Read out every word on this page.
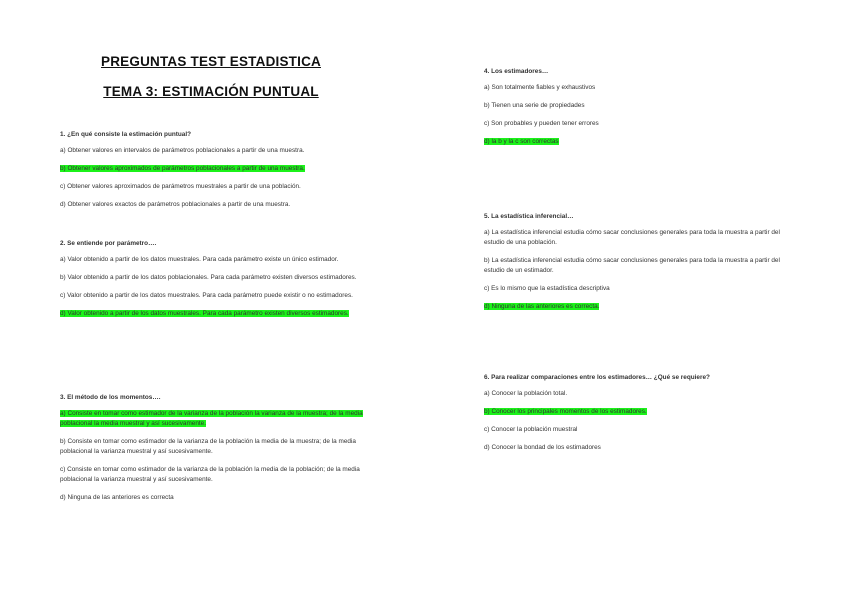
PREGUNTAS TEST ESTADISTICA
TEMA 3: ESTIMACIÓN PUNTUAL

1. ¿En qué consiste la estimación puntual?

a) Obtener valores en intervalos de parámetros poblacionales a partir de una muestra.
b) Obtener valores aproximados de parámetros poblacionales a partir de una muestra.
c) Obtener valores aproximados de parámetros muestrales a partir de una población.
d) Obtener valores exactos de parámetros poblacionales a partir de una muestra.

2. Se entiende por parámetro….

a) Valor obtenido a partir de los datos muestrales. Para cada parámetro existe un único estimador.
b) Valor obtenido a partir de los datos poblacionales. Para cada parámetro existen diversos estimadores.
c) Valor obtenido a partir de los datos muestrales. Para cada parámetro puede existir o no estimadores.
d) Valor obtenido a partir de los datos muestrales. Para cada parámetro existen diversos estimadores.

3. El método de los momentos….

a) Consiste en tomar como estimador de la varianza de la población la varianza de la muestra; de la media poblacional la media muestral y así sucesivamente.
b) Consiste en tomar como estimador de la varianza de la población la media de la muestra; de la media poblacional la varianza muestral y así sucesivamente.
c) Consiste en tomar como estimador de la varianza de la población la media de la población; de la media poblacional la varianza muestral y así sucesivamente.
d) Ninguna de las anteriores es correcta

4. Los estimadores…

a) Son totalmente fiables y exhaustivos
b) Tienen una serie de propiedades
c) Son probables y pueden tener errores
d) la b y la c son correctas

5. La estadística inferencial…

a) La estadística inferencial estudia cómo sacar conclusiones generales para toda la muestra a partir del estudio de una población.
b) La estadística inferencial estudia cómo sacar conclusiones generales para toda la muestra a partir del estudio de un estimador.
c) Es lo mismo que la estadística descriptiva
d) Ninguna de las anteriores es correcta.

6. Para realizar comparaciones entre los estimadores… ¿Qué se requiere?

a) Conocer la población total.
b) Conocer los principales momentos de los estimadores.
c) Conocer la población muestral
d) Conocer la bondad de los estimadores
